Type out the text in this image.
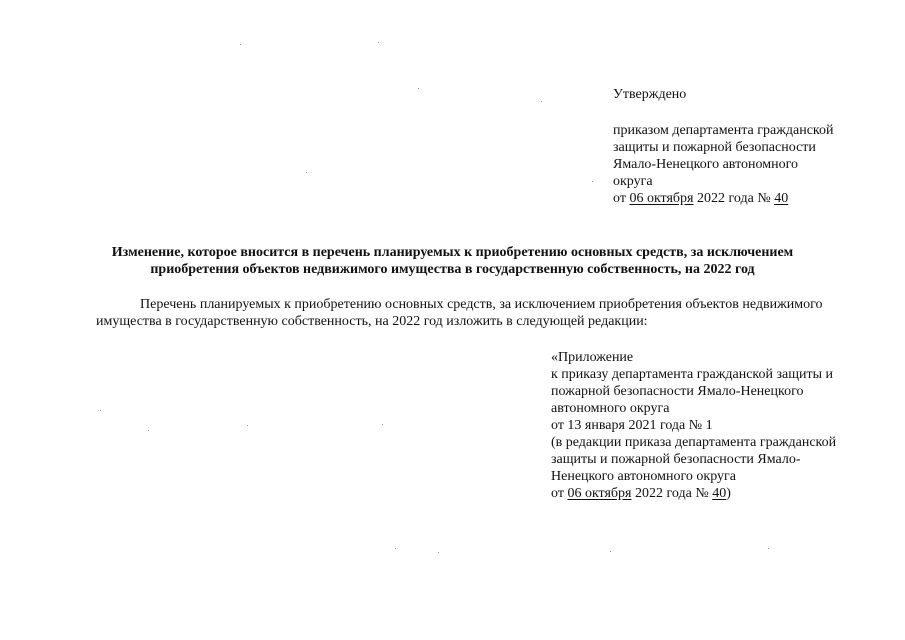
Утверждено
приказом департамента гражданской
защиты и пожарной безопасности
Ямало-Ненецкого автономного
округа
от 06 октября 2022 года № 40
Изменение, которое вносится в перечень планируемых к приобретению основных средств, за исключением
приобретения объектов недвижимого имущества в государственную собственность, на 2022 год
Перечень планируемых к приобретению основных средств, за исключением приобретения объектов недвижимого
имущества в государственную собственность, на 2022 год изложить в следующей редакции:
«Приложение
к приказу департамента гражданской защиты и
пожарной безопасности Ямало-Ненецкого
автономного округа
от 13 января 2021 года № 1
(в редакции приказа департамента гражданской
защиты и пожарной безопасности Ямало-
Ненецкого автономного округа
от 06 октября 2022 года № 40)
